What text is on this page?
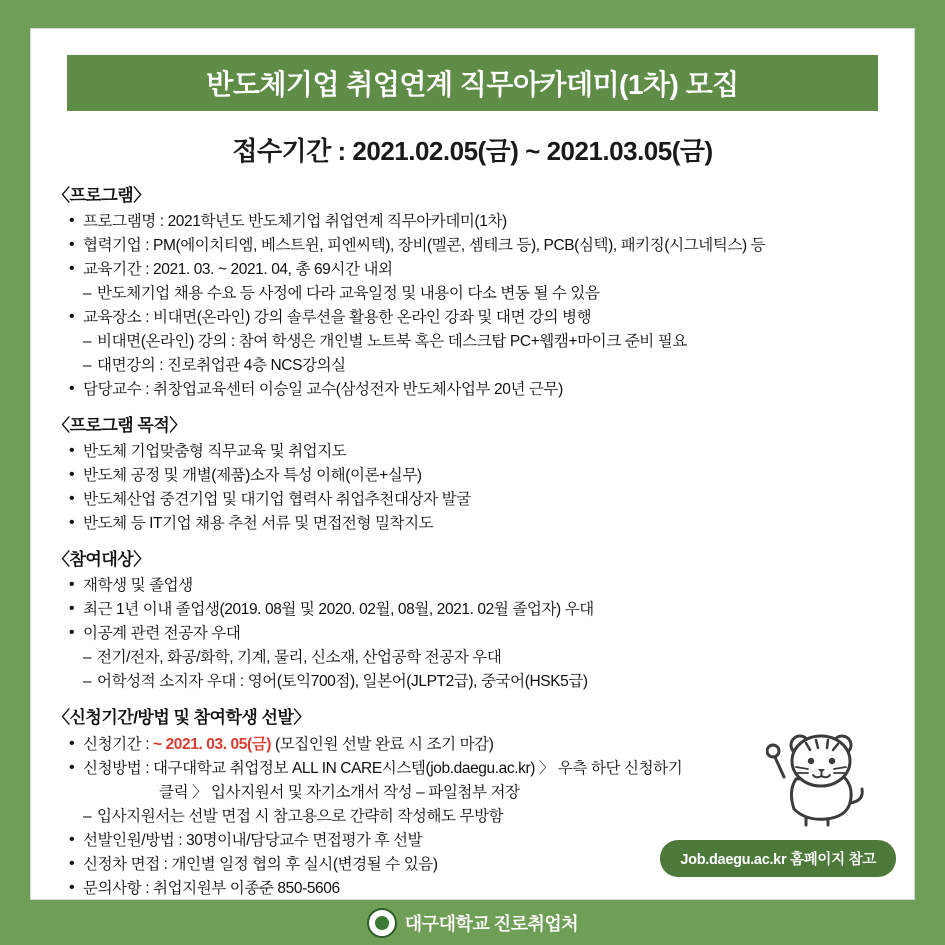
반도체기업 취업연계 직무아카데미(1차) 모집
접수기간 : 2021.02.05(금) ~ 2021.03.05(금)
〈프로그램〉
• 프로그램명 : 2021학년도 반도체기업 취업연계 직무아카데미(1차)
• 협력기업 : PM(에이치티엠, 베스트윈, 피엔씨텍), 장비(멜콘, 셈테크 등), PCB(심텍), 패키징(시그네틱스) 등
• 교육기간 : 2021. 03. ~ 2021. 04, 총 69시간 내외
– 반도체기업 채용 수요 등 사정에 다라 교육일정 및 내용이 다소 변동 될 수 있음
• 교육장소 : 비대면(온라인) 강의 솔루션을 활용한 온라인 강좌 및 대면 강의 병행
– 비대면(온라인) 강의 : 참여 학생은 개인별 노트북 혹은 데스크탑 PC+웹캠+마이크 준비 필요
– 대면강의 : 진로취업관 4층 NCS강의실
• 담당교수 : 취창업교육센터 이승일 교수(삼성전자 반도체사업부 20년 근무)
〈프로그램 목적〉
• 반도체 기업맞춤형 직무교육 및 취업지도
• 반도체 공정 및 개별(제품)소자 특성 이해(이론+실무)
• 반도체산업 중견기업 및 대기업 협력사 취업추천대상자 발굴
• 반도체 등 IT기업 채용 추천 서류 및 면접전형 밀착지도
〈참여대상〉
• 재학생 및 졸업생
• 최근 1년 이내 졸업생(2019. 08월 및 2020. 02월, 08월, 2021. 02월 졸업자) 우대
• 이공계 관련 전공자 우대
– 전기/전자, 화공/화학, 기계, 물리, 신소재, 산업공학 전공자 우대
– 어학성적 소지자 우대 : 영어(토익700점), 일본어(JLPT2급), 중국어(HSK5급)
〈신청기간/방법 및 참여학생 선발〉
• 신청기간 : ~ 2021. 03. 05(금) (모집인원 선발 완료 시 조기 마감)
• 신청방법 : 대구대학교 취업정보 ALL IN CARE시스템(job.daegu.ac.kr) 〉 우측 하단 신청하기
클릭 〉 입사지원서 및 자기소개서 작성 – 파일첨부 저장
– 입사지원서는 선발 면접 시 참고용으로 간략히 작성해도 무방함
• 선발인원/방법 : 30명이내/담당교수 면접평가 후 선발
• 신정차 면접 : 개인별 일정 협의 후 실시(변경될 수 있음)
• 문의사항 : 취업지원부 이종준 850-5606
Job.daegu.ac.kr 홈페이지 참고
대구대학교 진로취업처
